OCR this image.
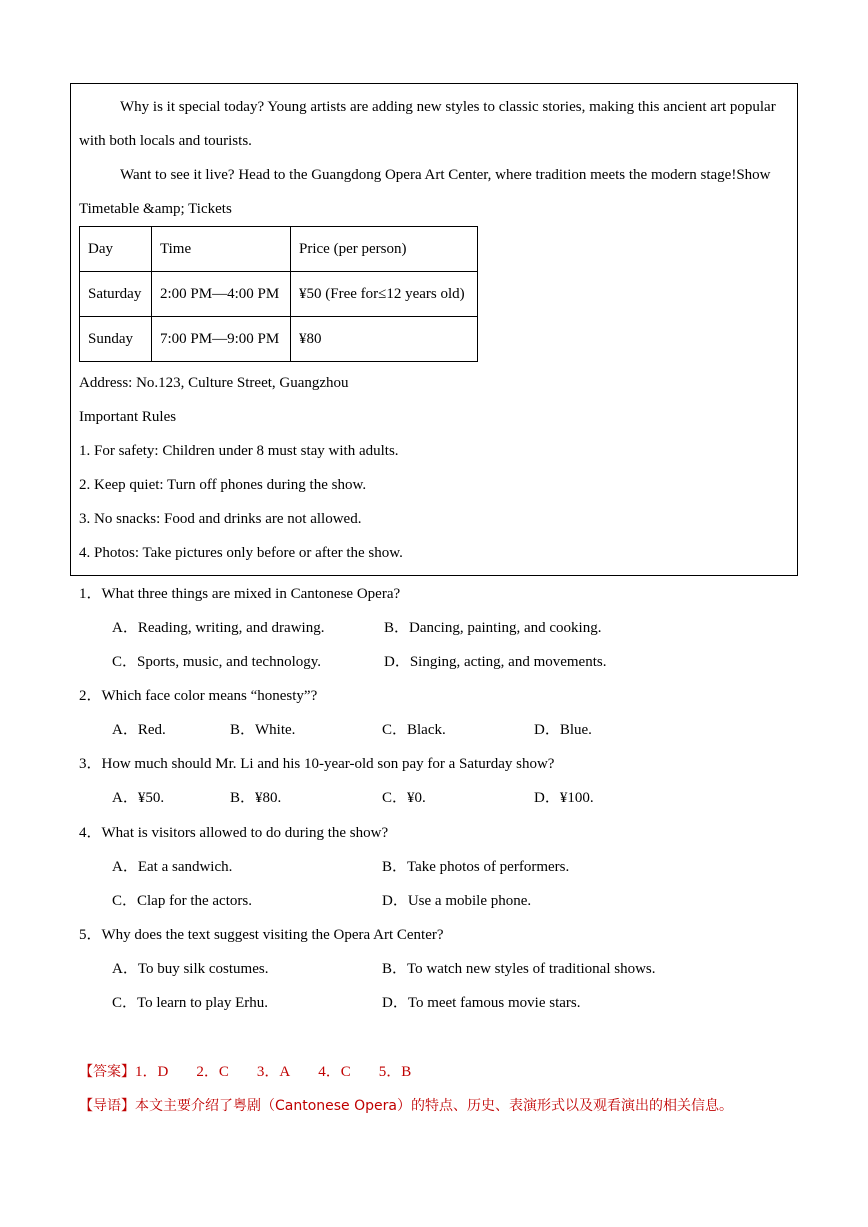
Why is it special today? Young artists are adding new styles to classic stories, making this ancient art popular
with both locals and tourists.
Want to see it live? Head to the Guangdong Opera Art Center, where tradition meets the modern stage!Show
Timetable &amp; Tickets
Day	Time	Price (per person)
Saturday	2:00 PM—4:00 PM	¥50 (Free for≤12 years old)
Sunday	7:00 PM—9:00 PM	¥80
Address: No.123, Culture Street, Guangzhou
Important Rules
1. For safety: Children under 8 must stay with adults.
2. Keep quiet: Turn off phones during the show.
3. No snacks: Food and drinks are not allowed.
4. Photos: Take pictures only before or after the show.
1．What three things are mixed in Cantonese Opera?
A．Reading, writing, and drawing.	B．Dancing, painting, and cooking.
C．Sports, music, and technology.	D．Singing, acting, and movements.
2．Which face color means “honesty”?
A．Red.	B．White.	C．Black.	D．Blue.
3．How much should Mr. Li and his 10-year-old son pay for a Saturday show?
A．¥50.	B．¥80.	C．¥0.	D．¥100.
4．What is visitors allowed to do during the show?
A．Eat a sandwich.	B．Take photos of performers.
C．Clap for the actors.	D．Use a mobile phone.
5．Why does the text suggest visiting the Opera Art Center?
A．To buy silk costumes.	B．To watch new styles of traditional shows.
C．To learn to play Erhu.	D．To meet famous movie stars.
【答案】1．D 2．C 3．A 4．C 5．B
【导语】本文主要介绍了粤剧（Cantonese Opera）的特点、历史、表演形式以及观看演出的相关信息。
